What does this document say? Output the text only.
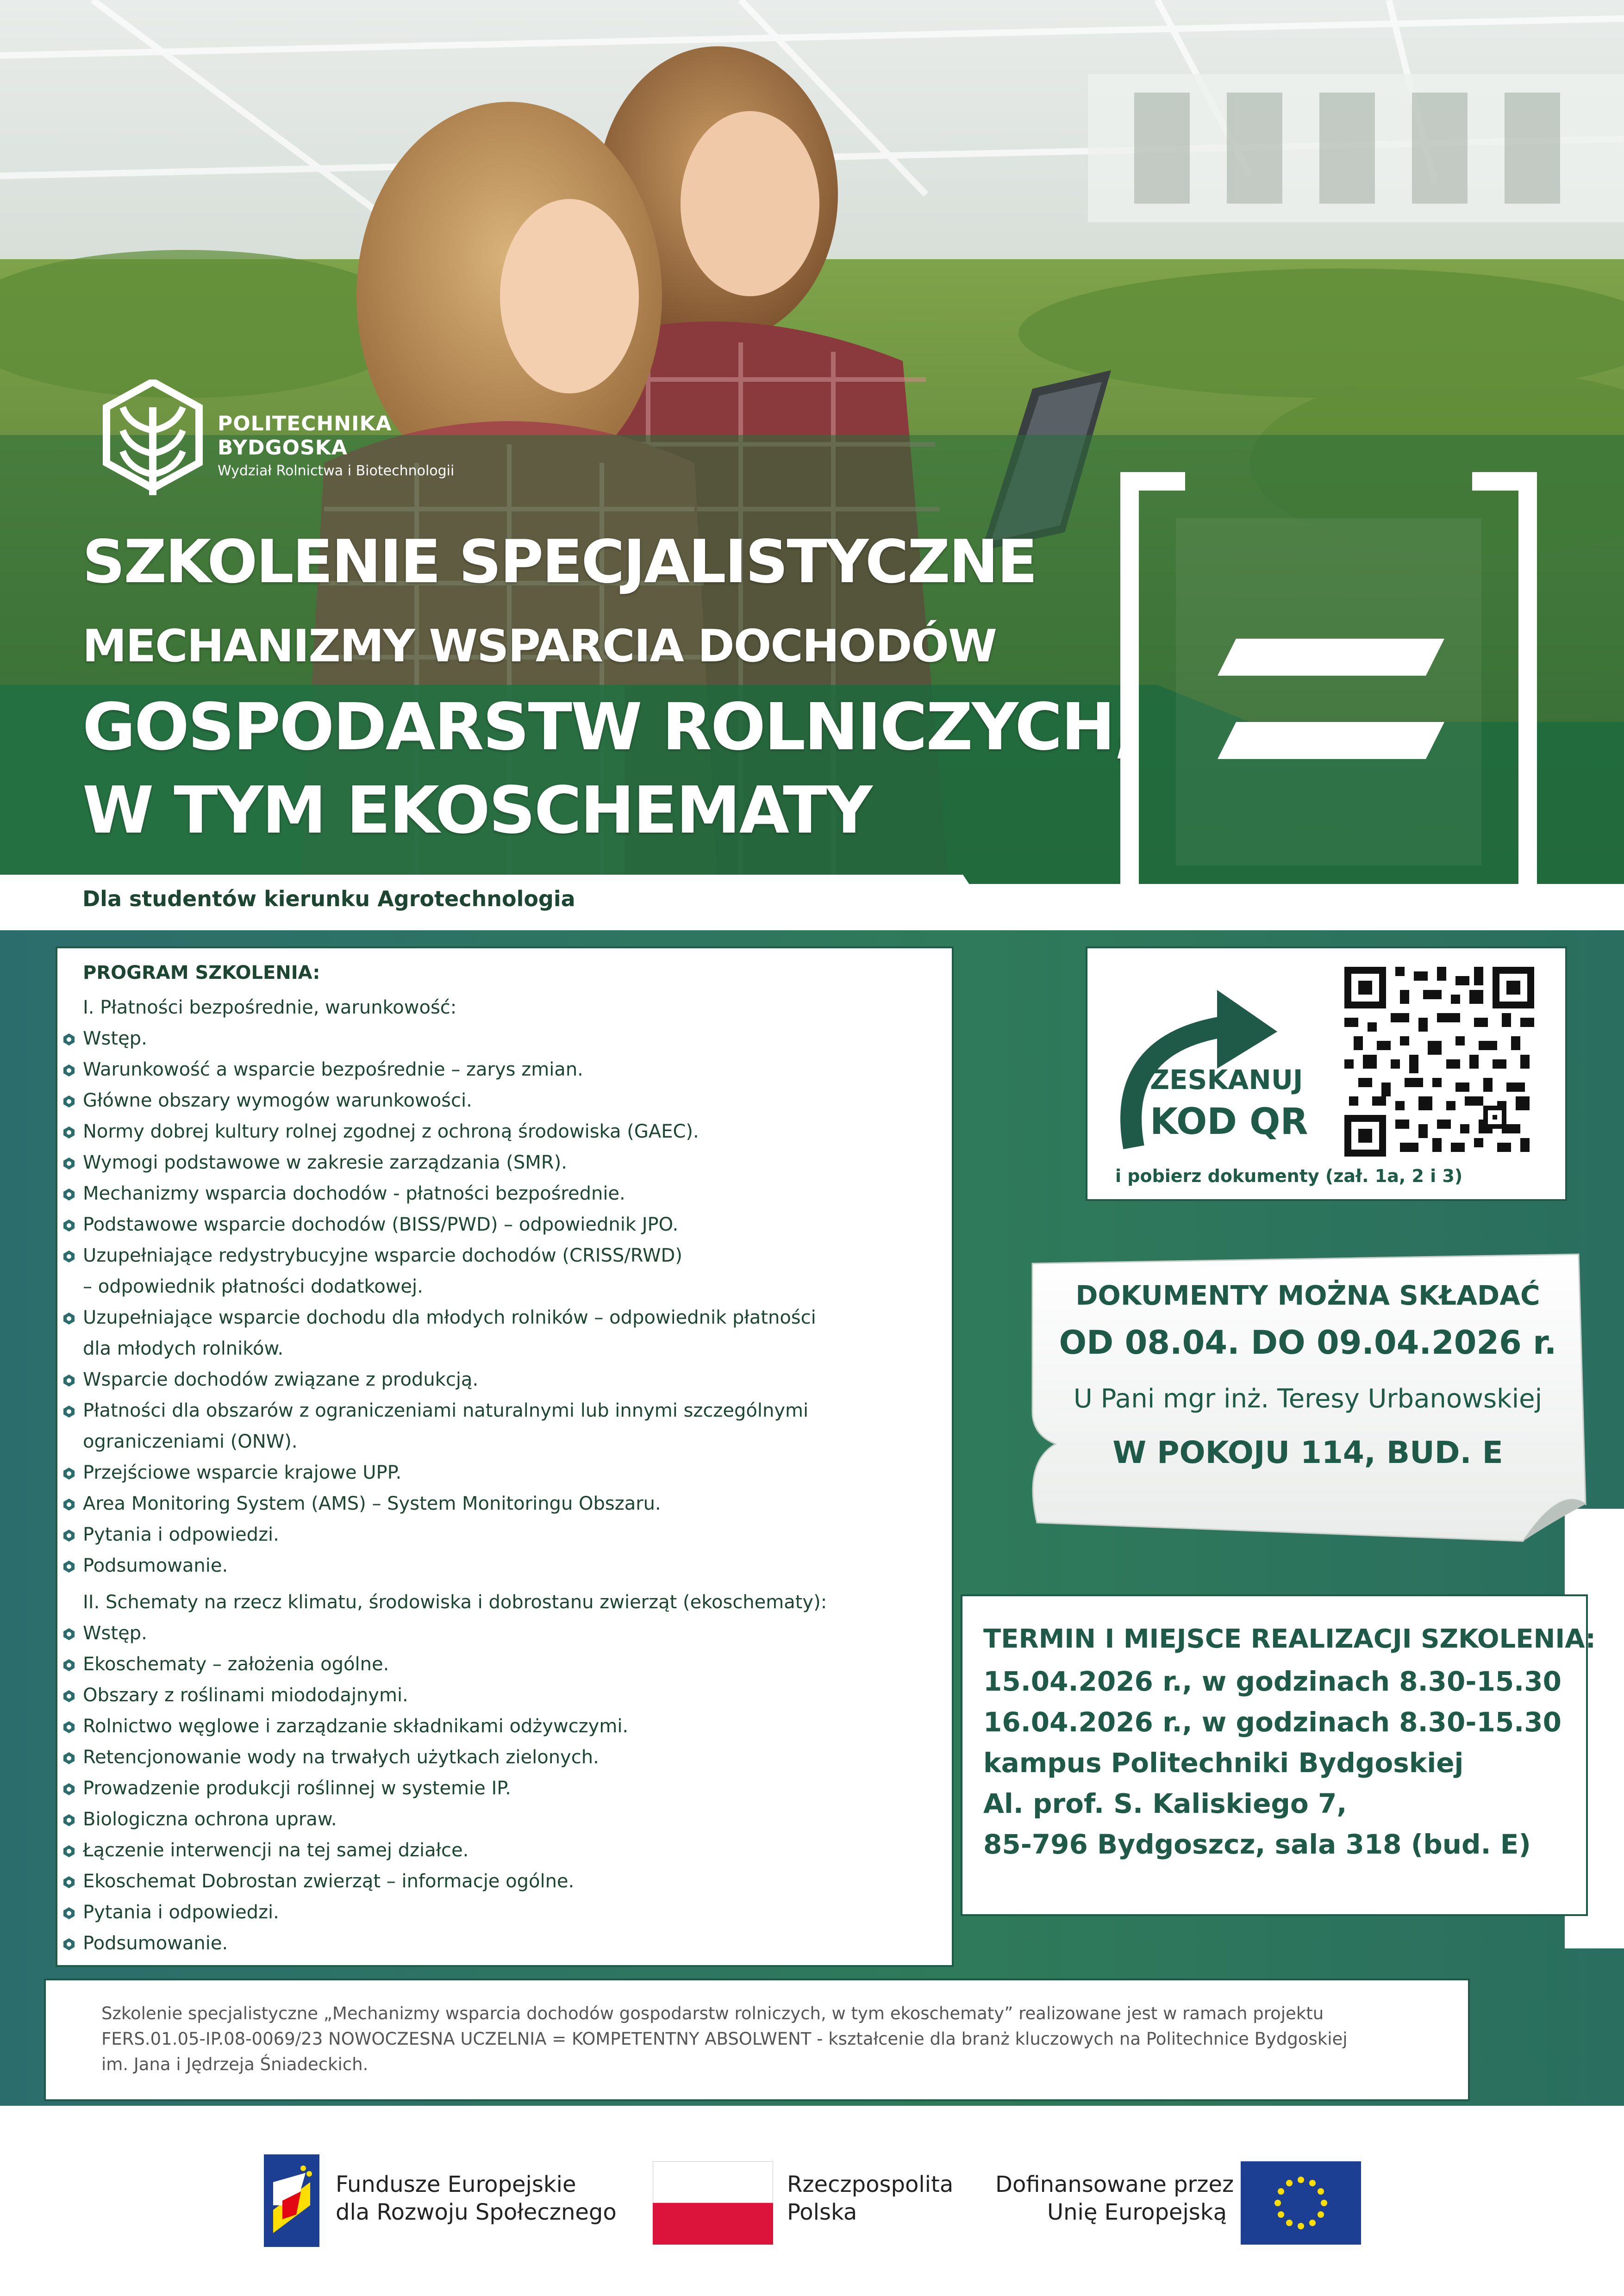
POLITECHNIKA
BYDGOSKA
Wydział Rolnictwa i Biotechnologii
SZKOLENIE SPECJALISTYCZNE
MECHANIZMY WSPARCIA DOCHODÓW
GOSPODARSTW ROLNICZYCH,
W TYM EKOSCHEMATY
Dla studentów kierunku Agrotechnologia
PROGRAM SZKOLENIA:
I. Płatności bezpośrednie, warunkowość:
Wstęp.
Warunkowość a wsparcie bezpośrednie – zarys zmian.
Główne obszary wymogów warunkowości.
Normy dobrej kultury rolnej zgodnej z ochroną środowiska (GAEC).
Wymogi podstawowe w zakresie zarządzania (SMR).
Mechanizmy wsparcia dochodów - płatności bezpośrednie.
Podstawowe wsparcie dochodów (BISS/PWD) – odpowiednik JPO.
Uzupełniające redystrybucyjne wsparcie dochodów (CRISS/RWD)
– odpowiednik płatności dodatkowej.
Uzupełniające wsparcie dochodu dla młodych rolników – odpowiednik płatności
dla młodych rolników.
Wsparcie dochodów związane z produkcją.
Płatności dla obszarów z ograniczeniami naturalnymi lub innymi szczególnymi
ograniczeniami (ONW).
Przejściowe wsparcie krajowe UPP.
Area Monitoring System (AMS) – System Monitoringu Obszaru.
Pytania i odpowiedzi.
Podsumowanie.
II. Schematy na rzecz klimatu, środowiska i dobrostanu zwierząt (ekoschematy):
Wstęp.
Ekoschematy – założenia ogólne.
Obszary z roślinami miododajnymi.
Rolnictwo węglowe i zarządzanie składnikami odżywczymi.
Retencjonowanie wody na trwałych użytkach zielonych.
Prowadzenie produkcji roślinnej w systemie IP.
Biologiczna ochrona upraw.
Łączenie interwencji na tej samej działce.
Ekoschemat Dobrostan zwierząt – informacje ogólne.
Pytania i odpowiedzi.
Podsumowanie.
ZESKANUJ
KOD QR
i pobierz dokumenty (zał. 1a, 2 i 3)
DOKUMENTY MOŻNA SKŁADAĆ
OD 08.04. DO 09.04.2026 r.
U Pani mgr inż. Teresy Urbanowskiej
W POKOJU 114, BUD. E
TERMIN I MIEJSCE REALIZACJI SZKOLENIA:
15.04.2026 r., w godzinach 8.30-15.30
16.04.2026 r., w godzinach 8.30-15.30
kampus Politechniki Bydgoskiej
Al. prof. S. Kaliskiego 7,
85-796 Bydgoszcz, sala 318 (bud. E)

Szkolenie specjalistyczne „Mechanizmy wsparcia dochodów gospodarstw rolniczych, w tym ekoschematy” realizowane jest w ramach projektu

FERS.01.05-IP.08-0069/23 NOWOCZESNA UCZELNIA = KOMPETENTNY ABSOLWENT - kształcenie dla branż kluczowych na Politechnice Bydgoskiej

im. Jana i Jędrzeja Śniadeckich.

Fundusze Europejskie
dla Rozwoju Społecznego
Rzeczpospolita
Polska
Dofinansowane przez
Unię Europejską
